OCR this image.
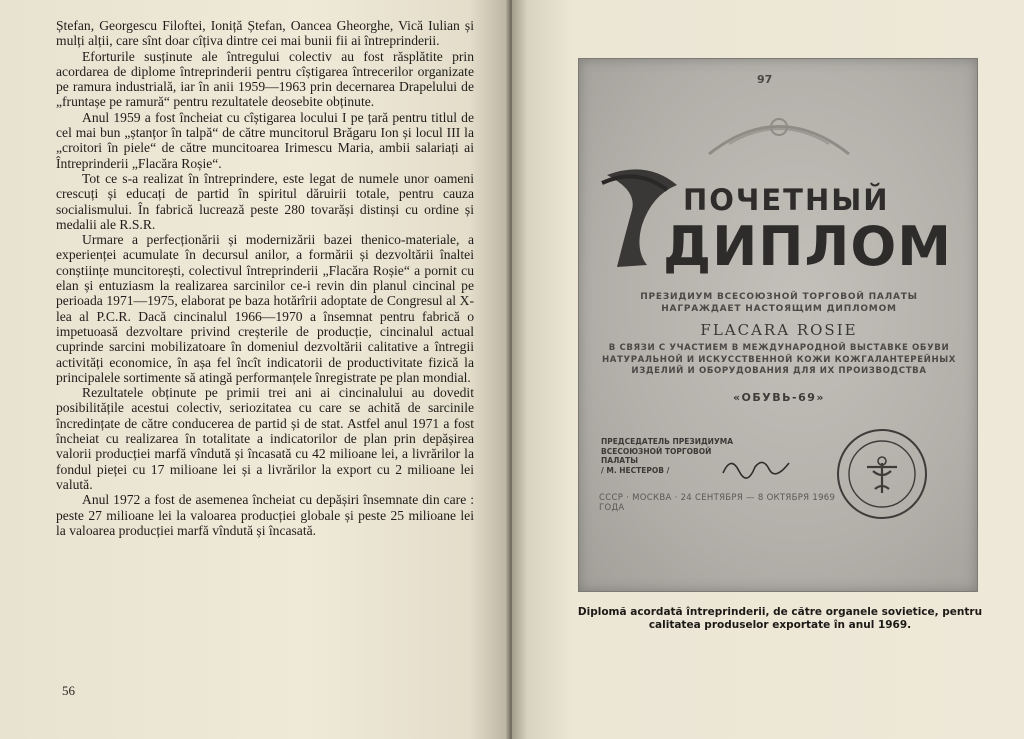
Ștefan, Georgescu Filoftei, Ioniță Ștefan, Oancea Gheorghe, Vică Iulian și mulți alții, care sînt doar cîțiva dintre cei mai bunii fii ai întreprinderii.

Eforturile susținute ale întregului colectiv au fost răsplătite prin acordarea de diplome întreprinderii pentru cîștigarea întrecerilor organizate pe ramura industrială, iar în anii 1959—1963 prin decernarea Drapelului de „fruntașe pe ramură“ pentru rezultatele deosebite obținute.

Anul 1959 a fost încheiat cu cîștigarea locului I pe țară pentru titlul de cel mai bun „ștanțor în talpă“ de către muncitorul Brăgaru Ion și locul III la „croitori în piele“ de către muncitoarea Irimescu Maria, ambii salariați ai Întreprinderii „Flacăra Roșie“.

Tot ce s-a realizat în întreprindere, este legat de numele unor oameni crescuți și educați de partid în spiritul dăruirii totale, pentru cauza socialismului. În fabrică lucrează peste 280 tovarăși distinși cu ordine și medalii ale R.S.R.

Urmare a perfecționării și modernizării bazei thenico-materiale, a experienței acumulate în decursul anilor, a formării și dezvoltării înaltei conștiințe muncitorești, colectivul întreprinderii „Flacăra Roșie“ a pornit cu elan și entuziasm la realizarea sarcinilor ce-i revin din planul cincinal pe perioada 1971—1975, elaborat pe baza hotărîrii adoptate de Congresul al X-lea al P.C.R. Dacă cincinalul 1966—1970 a însemnat pentru fabrică o impetuoasă dezvoltare privind creșterile de producție, cincinalul actual cuprinde sarcini mobilizatoare în domeniul dezvoltării calitative a întregii activități economice, în așa fel încît indicatorii de productivitate fizică la principalele sortimente să atingă performanțele înregistrate pe plan mondial.

Rezultatele obținute pe primii trei ani ai cincinalului au dovedit posibilitățile acestui colectiv, seriozitatea cu care se achită de sarcinile încredințate de către conducerea de partid și de stat. Astfel anul 1971 a fost încheiat cu realizarea în totalitate a indicatorilor de plan prin depășirea valorii producției marfă vîndută și încasată cu 42 milioane lei, a livrărilor la fondul pieței cu 17 milioane lei și a livrărilor la export cu 2 milioane lei valută.

Anul 1972 a fost de asemenea încheiat cu depășiri însemnate din care : peste 27 milioane lei la valoarea producției globale și peste 25 milioane lei la valoarea producției marfă vîndută și încasată.

56
97
ПОЧЕТНЫЙ
ДИПЛОМ
ПРЕЗИДИУМ ВСЕСОЮЗНОЙ ТОРГОВОЙ ПАЛАТЫ НАГРАЖДАЕТ НАСТОЯЩИМ ДИПЛОМОМ
FLACARA ROSIE
В СВЯЗИ С УЧАСТИЕМ В МЕЖДУНАРОДНОЙ ВЫСТАВКЕ ОБУВИ НАТУРАЛЬНОЙ И ИСКУССТВЕННОЙ КОЖИ КОЖГАЛАНТЕРЕЙНЫХ ИЗДЕЛИЙ И ОБОРУДОВАНИЯ ДЛЯ ИХ ПРОИЗВОДСТВА
«ОБУВЬ-69»
ПРЕДСЕДАТЕЛЬ ПРЕЗИДИУМА ВСЕСОЮЗНОЙ ТОРГОВОЙ ПАЛАТЫ
/ М. НЕСТЕРОВ /
СССР · МОСКВА · 24 СЕНТЯБРЯ — 8 ОКТЯБРЯ 1969 ГОДА
Diplomă acordată întreprinderii, de către organele sovietice, pentru
calitatea produselor exportate în anul 1969.
